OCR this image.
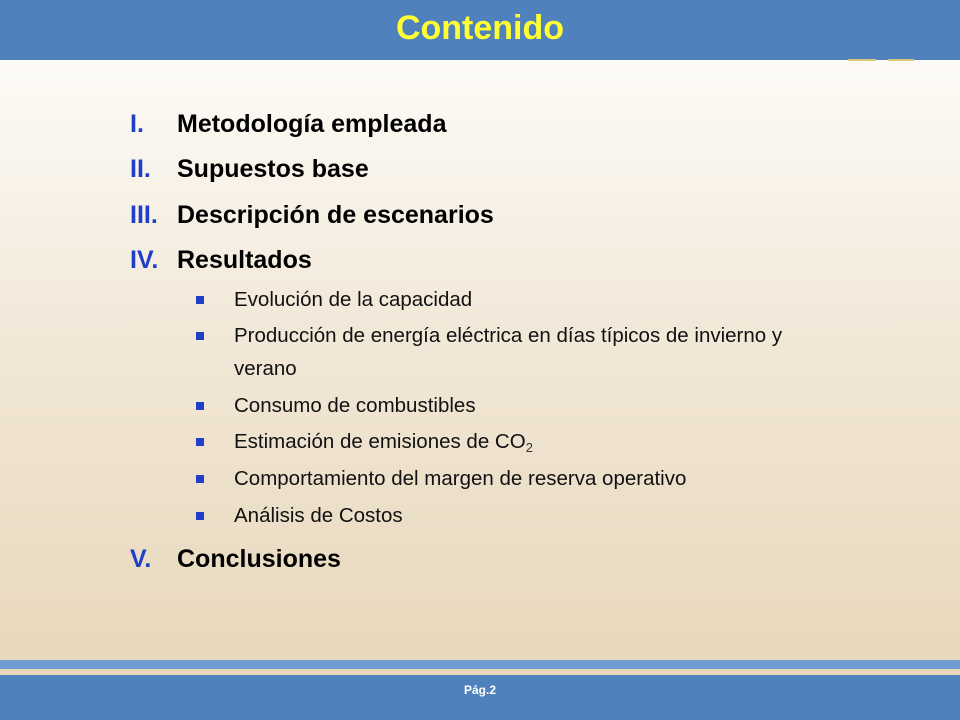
Contenido
I. Metodología empleada
II. Supuestos base
III. Descripción de escenarios
IV. Resultados
Evolución de la capacidad
Producción de energía eléctrica en días típicos de invierno y verano
Consumo de combustibles
Estimación de emisiones de $CO_2$
Comportamiento del margen de reserva operativo
Análisis de Costos
V. Conclusiones
Pág.2
